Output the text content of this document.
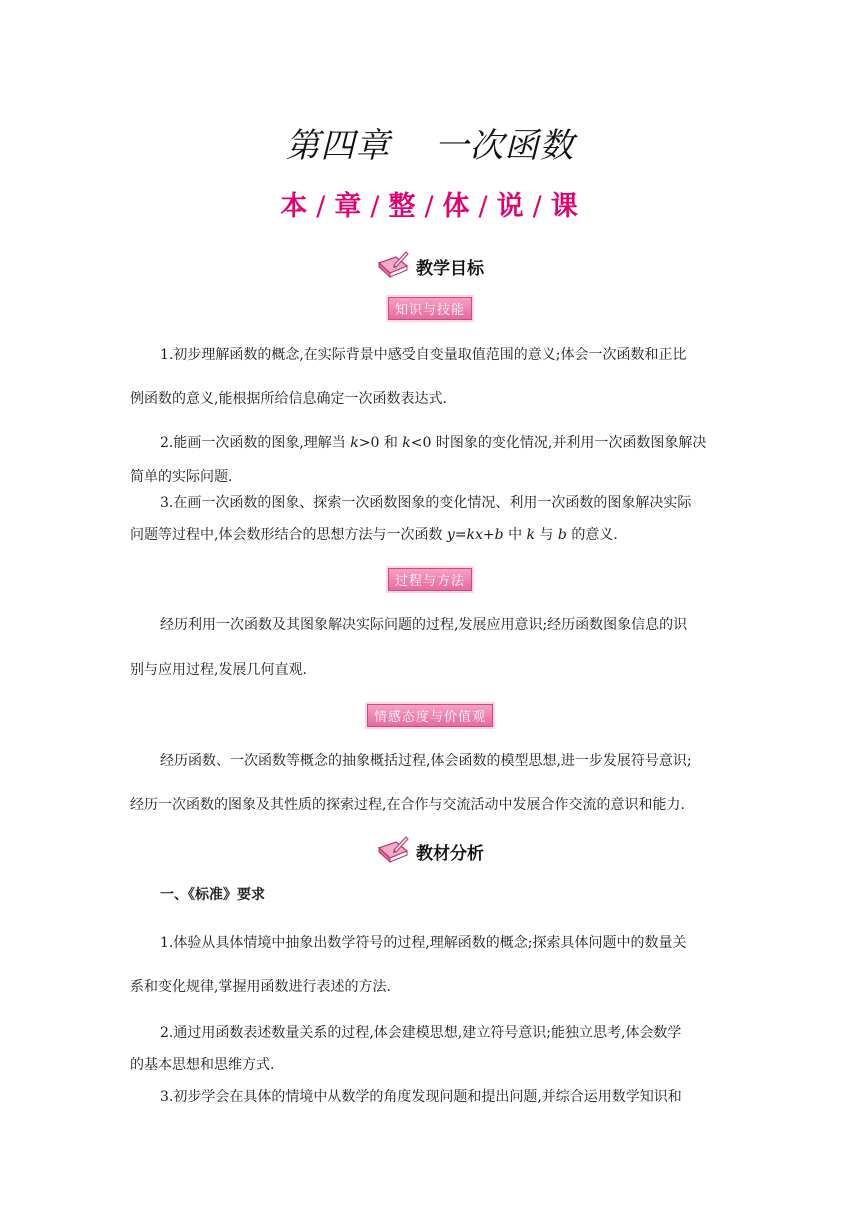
第四章 一次函数
本 / 章 / 整 / 体 / 说 / 课
教学目标
知识与技能
1.初步理解函数的概念,在实际背景中感受自变量取值范围的意义;体会一次函数和正比
例函数的意义,能根据所给信息确定一次函数表达式.
2.能画一次函数的图象,理解当 k>0 和 k<0 时图象的变化情况,并利用一次函数图象解决
简单的实际问题.
3.在画一次函数的图象、探索一次函数图象的变化情况、利用一次函数的图象解决实际
问题等过程中,体会数形结合的思想方法与一次函数 y=kx+b 中 k 与 b 的意义.
过程与方法
经历利用一次函数及其图象解决实际问题的过程,发展应用意识;经历函数图象信息的识
别与应用过程,发展几何直观.
情感态度与价值观
经历函数、一次函数等概念的抽象概括过程,体会函数的模型思想,进一步发展符号意识;
经历一次函数的图象及其性质的探索过程,在合作与交流活动中发展合作交流的意识和能力.
教材分析
一、《标准》要求
1.体验从具体情境中抽象出数学符号的过程,理解函数的概念;探索具体问题中的数量关
系和变化规律,掌握用函数进行表述的方法.
2.通过用函数表述数量关系的过程,体会建模思想,建立符号意识;能独立思考,体会数学
的基本思想和思维方式.
3.初步学会在具体的情境中从数学的角度发现问题和提出问题,并综合运用数学知识和
